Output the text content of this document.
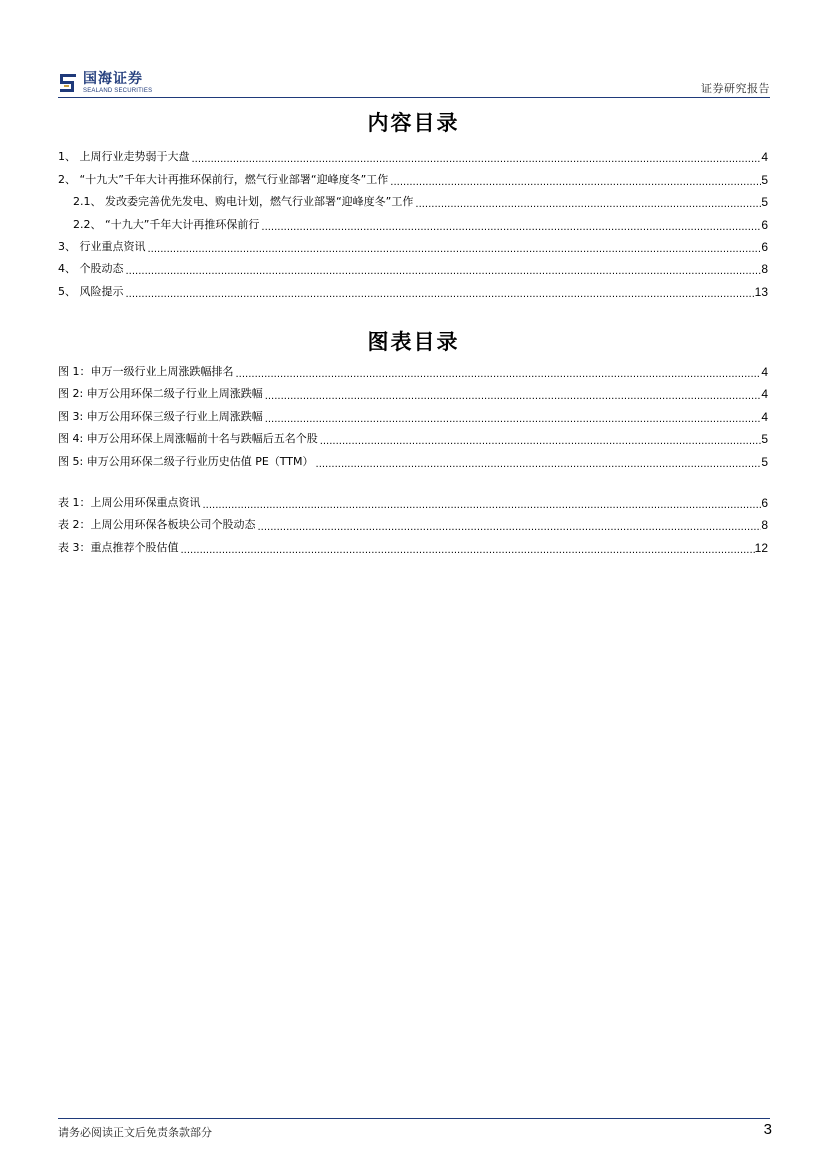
国海证券
SEALAND SECURITIES	证券研究报告
内容目录
1、 上周行业走势弱于大盘 .....	4
2、 “十九大”千年大计再推环保前行，燃气行业部署“迎峰度冬”工作 .....	5
2.1、 发改委完善优先发电、购电计划，燃气行业部署“迎峰度冬”工作 .....	5
2.2、 “十九大”千年大计再推环保前行 .....	6
3、 行业重点资讯 .....	6
4、 个股动态 .....	8
5、 风险提示 .....	13
图表目录
图 1：申万一级行业上周涨跌幅排名 .....	4
图 2: 申万公用环保二级子行业上周涨跌幅 .....	4
图 3: 申万公用环保三级子行业上周涨跌幅 .....	4
图 4: 申万公用环保上周涨幅前十名与跌幅后五名个股 .....	5
图 5: 申万公用环保二级子行业历史估值 PE（TTM） .....	5
表 1：上周公用环保重点资讯 .....	6
表 2：上周公用环保各板块公司个股动态 .....	8
表 3：重点推荐个股估值 .....	12
请务必阅读正文后免责条款部分	3
